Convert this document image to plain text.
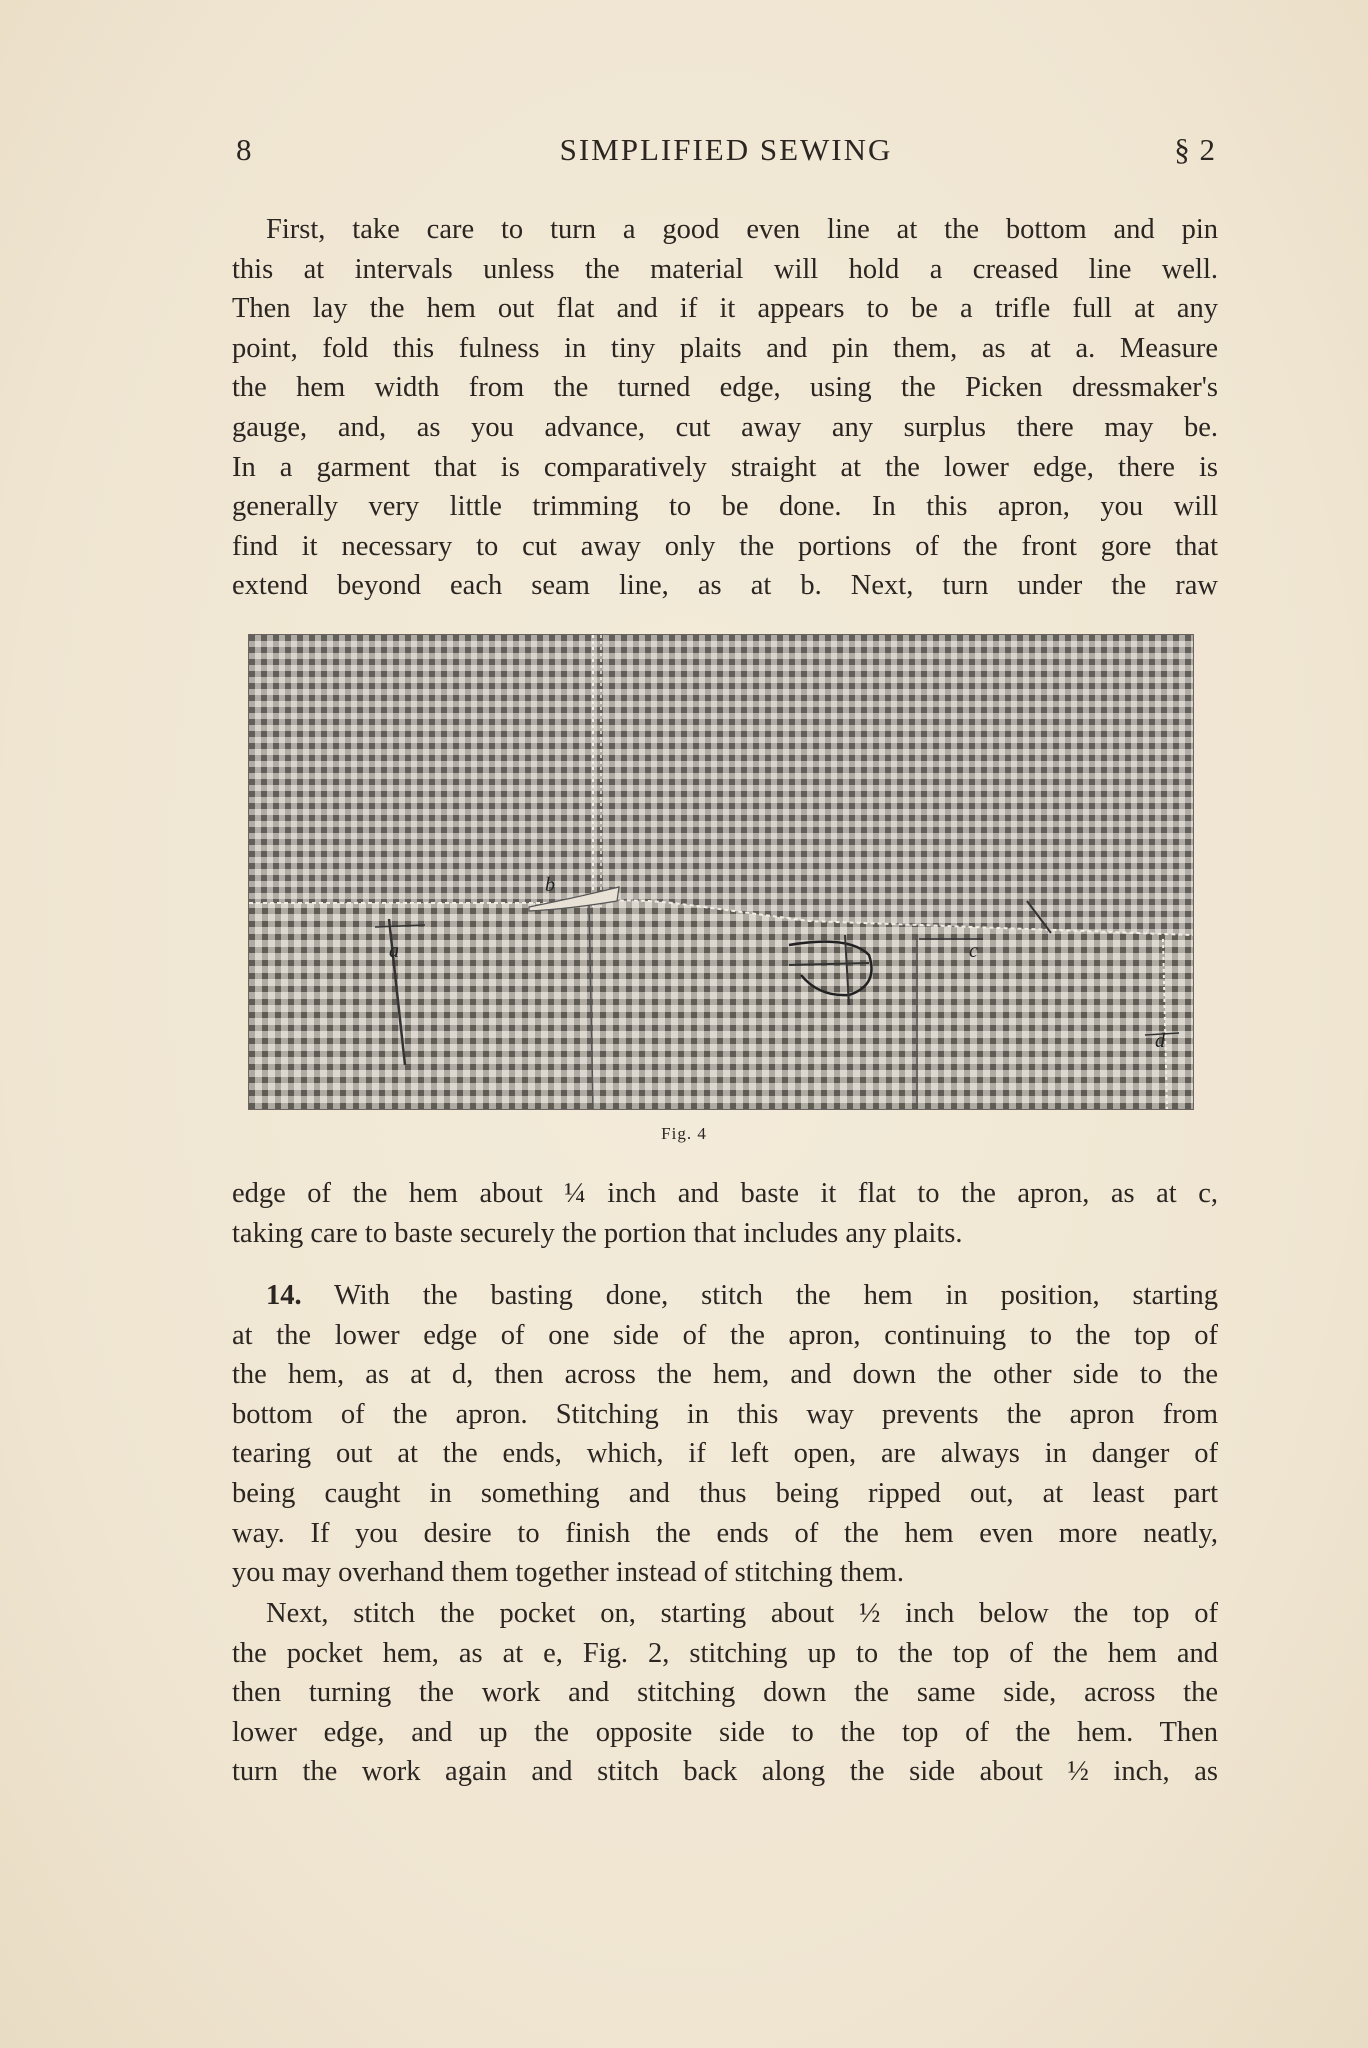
8	SIMPLIFIED SEWING	§ 2
First, take care to turn a good even line at the bottom and pin
this at intervals unless the material will hold a creased line well.
Then lay the hem out flat and if it appears to be a trifle full at any
point, fold this fulness in tiny plaits and pin them, as at a. Measure
the hem width from the turned edge, using the Picken dressmaker's
gauge, and, as you advance, cut away any surplus there may be.
In a garment that is comparatively straight at the lower edge, there is
generally very little trimming to be done. In this apron, you will
find it necessary to cut away only the portions of the front gore that
extend beyond each seam line, as at b. Next, turn under the raw
b
a	c
d
Fig. 4
edge of the hem about ¼ inch and baste it flat to the apron, as at c,
taking care to baste securely the portion that includes any plaits.
14. With the basting done, stitch the hem in position, starting
at the lower edge of one side of the apron, continuing to the top of
the hem, as at d, then across the hem, and down the other side to the
bottom of the apron. Stitching in this way prevents the apron from
tearing out at the ends, which, if left open, are always in danger of
being caught in something and thus being ripped out, at least part
way. If you desire to finish the ends of the hem even more neatly,
you may overhand them together instead of stitching them.
Next, stitch the pocket on, starting about ½ inch below the top of
the pocket hem, as at e, Fig. 2, stitching up to the top of the hem and
then turning the work and stitching down the same side, across the
lower edge, and up the opposite side to the top of the hem. Then
turn the work again and stitch back along the side about ½ inch, as
